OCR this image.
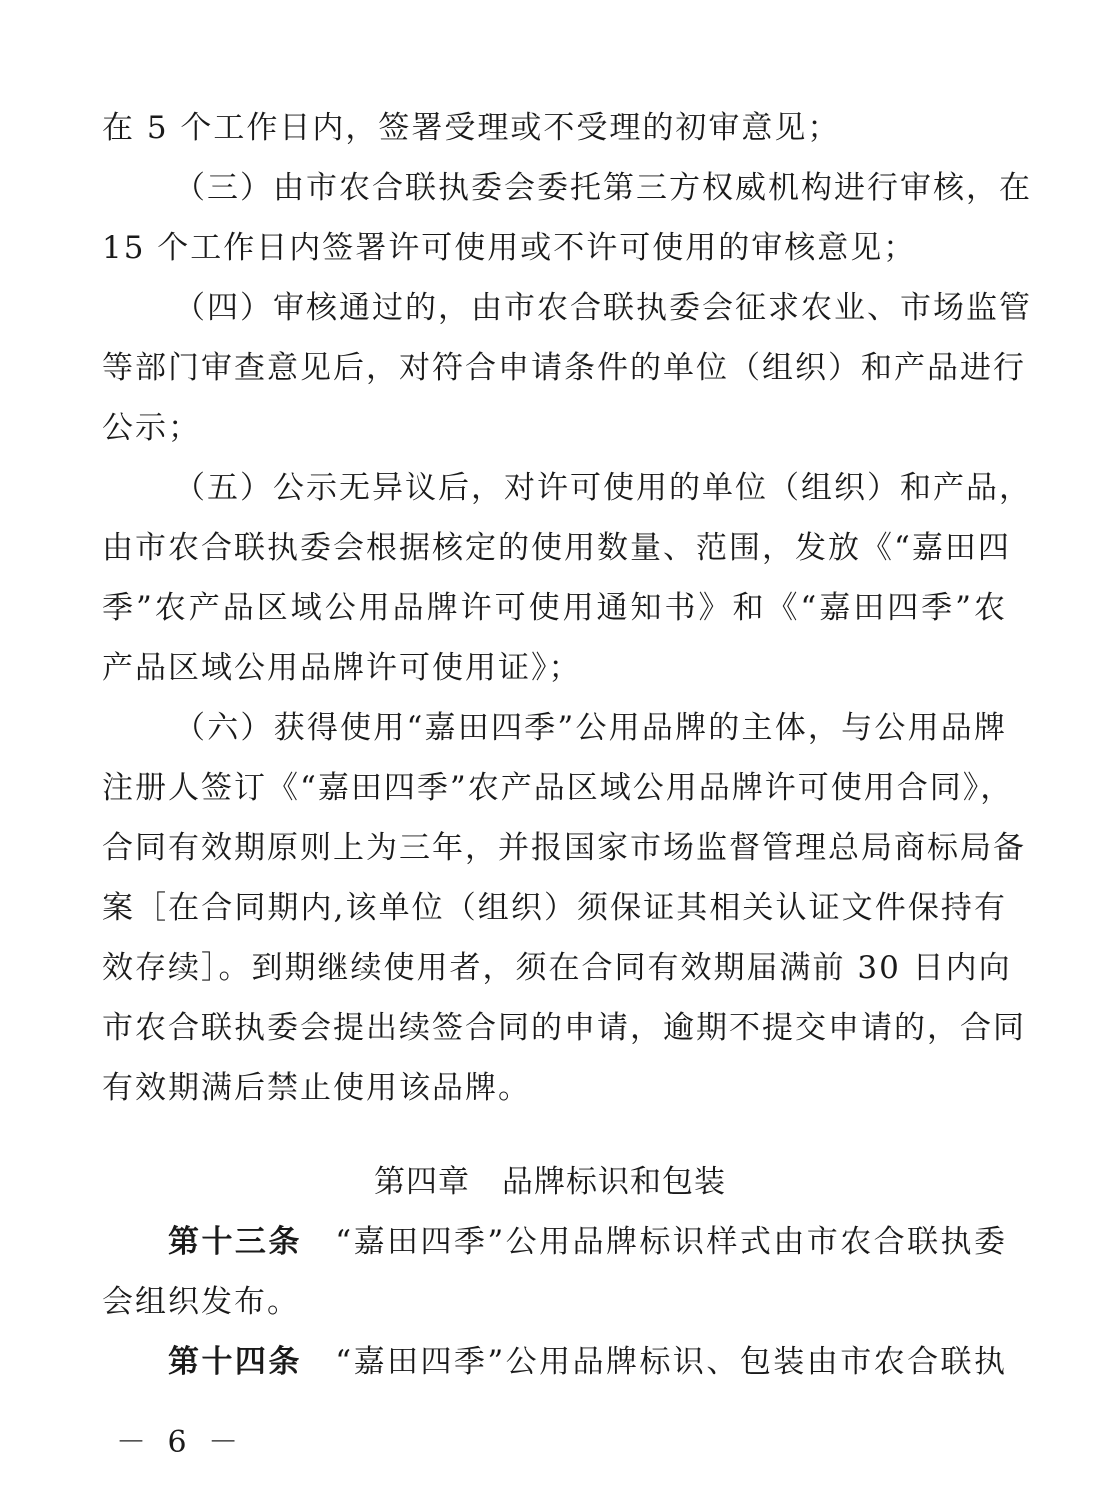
在 5 个工作日内，签署受理或不受理的初审意见；
（三）由市农合联执委会委托第三方权威机构进行审核，在
15 个工作日内签署许可使用或不许可使用的审核意见；
（四）审核通过的，由市农合联执委会征求农业、市场监管
等部门审查意见后，对符合申请条件的单位（组织）和产品进行
公示；
（五）公示无异议后，对许可使用的单位（组织）和产品，
由市农合联执委会根据核定的使用数量、范围，发放《“嘉田四
季”农产品区域公用品牌许可使用通知书》和《“嘉田四季”农
产品区域公用品牌许可使用证》；
（六）获得使用“嘉田四季”公用品牌的主体，与公用品牌
注册人签订《“嘉田四季”农产品区域公用品牌许可使用合同》，
合同有效期原则上为三年，并报国家市场监督管理总局商标局备
案［在合同期内,该单位（组织）须保证其相关认证文件保持有
效存续］。到期继续使用者，须在合同有效期届满前 30 日内向
市农合联执委会提出续签合同的申请，逾期不提交申请的，合同
有效期满后禁止使用该品牌。
第四章　品牌标识和包装
第十三条　 “嘉田四季”公用品牌标识样式由市农合联执委
会组织发布。
第十四条　 “嘉田四季”公用品牌标识、包装由市农合联执
－ 6 －
